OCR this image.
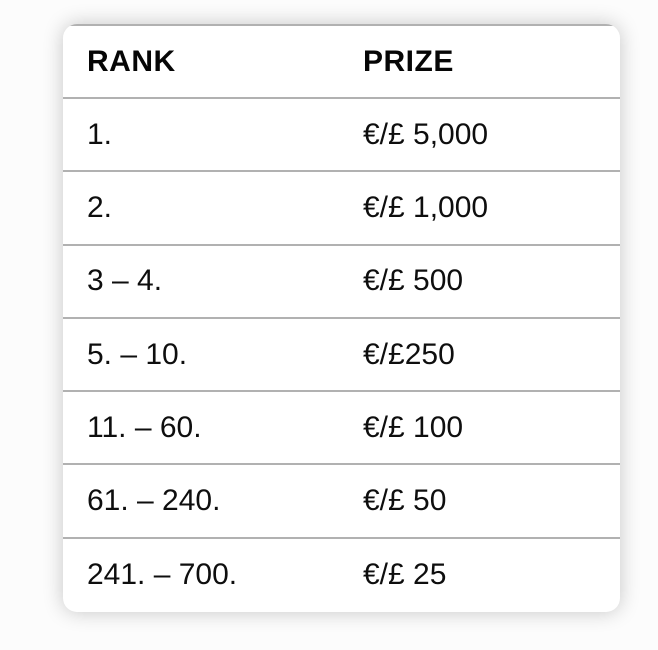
RANK	PRIZE
1.	€/£ 5,000
2.	€/£ 1,000
3 – 4.	€/£ 500
5. – 10.	€/£250
11. – 60.	€/£ 100
61. – 240.	€/£ 50
241. – 700.	€/£ 25
